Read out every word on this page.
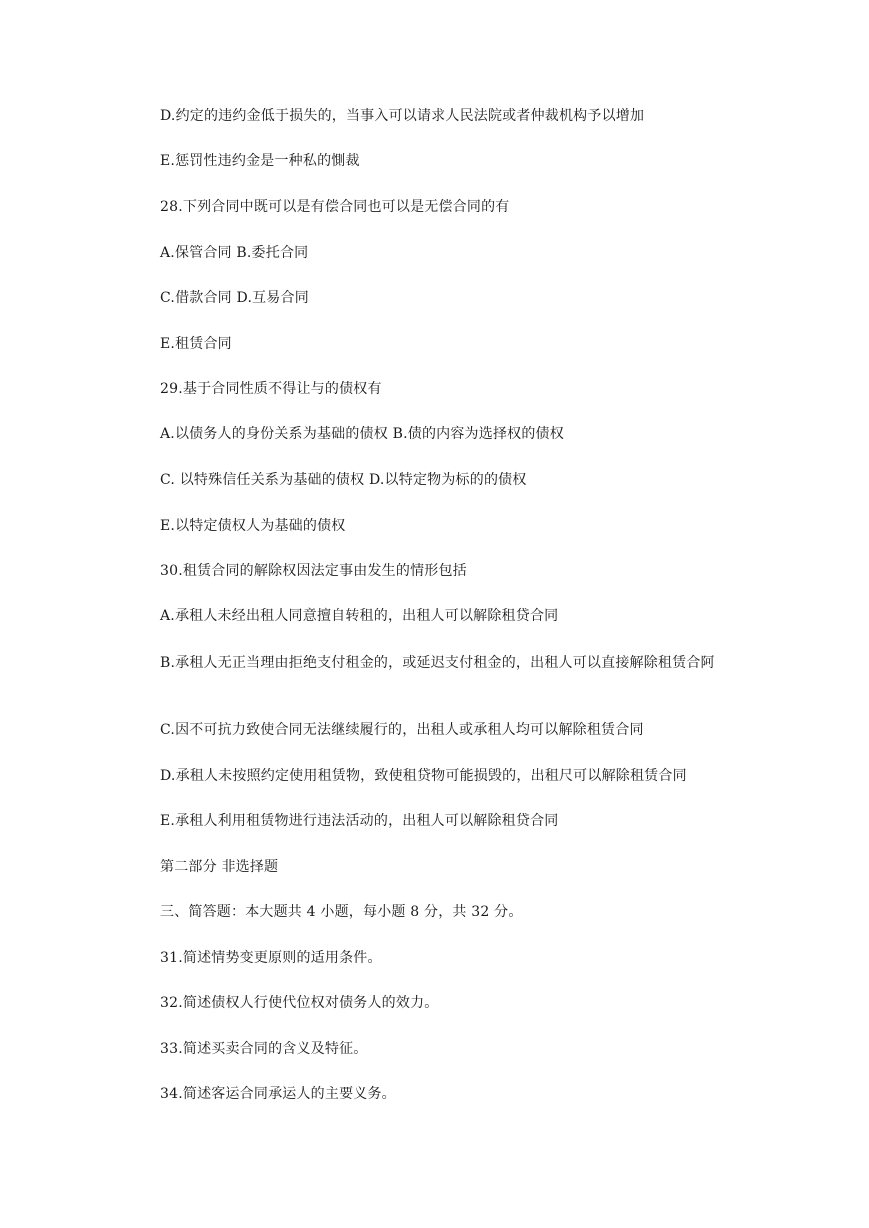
D.约定的违约金低于损失的，当事入可以请求人民法院或者仲裁机构予以增加
E.惩罚性违约金是一种私的惻裁
28.下列合同中既可以是有偿合同也可以是无偿合同的有
A.保管合同 B.委托合同
C.借款合同 D.互易合同
E.租赁合同
29.基于合同性质不得让与的债权有
A.以债务人的身份关系为基础的债权 B.债的内容为选择权的债权
C. 以特殊信任关系为基础的债权 D.以特定物为标的的债权
E.以特定债权人为基础的债权
30.租赁合同的解除权因法定事由发生的情形包括
A.承租人未经出租人同意擅自转租的，出租人可以解除租贷合同
B.承租人无正当理由拒绝支付租金的，或延迟支付租金的，出租人可以直接解除租赁合阿
C.因不可抗力致使合同无法继续履行的，出租人或承租人均可以解除租赁合同
D.承租人未按照约定使用租赁物，致使租贷物可能损毁的，出租尺可以解除租赁合同
E.承租人利用租赁物进行违法活动的，出租人可以解除租贷合同
第二部分 非选择题
三、简答题：本大题共 4 小题，每小题 8 分，共 32 分。
31.简述情势变更原则的适用条件。
32.简述债权人行使代位权对债务人的效力。
33.简述买卖合同的含义及特征。
34.简述客运合同承运人的主要义务。
